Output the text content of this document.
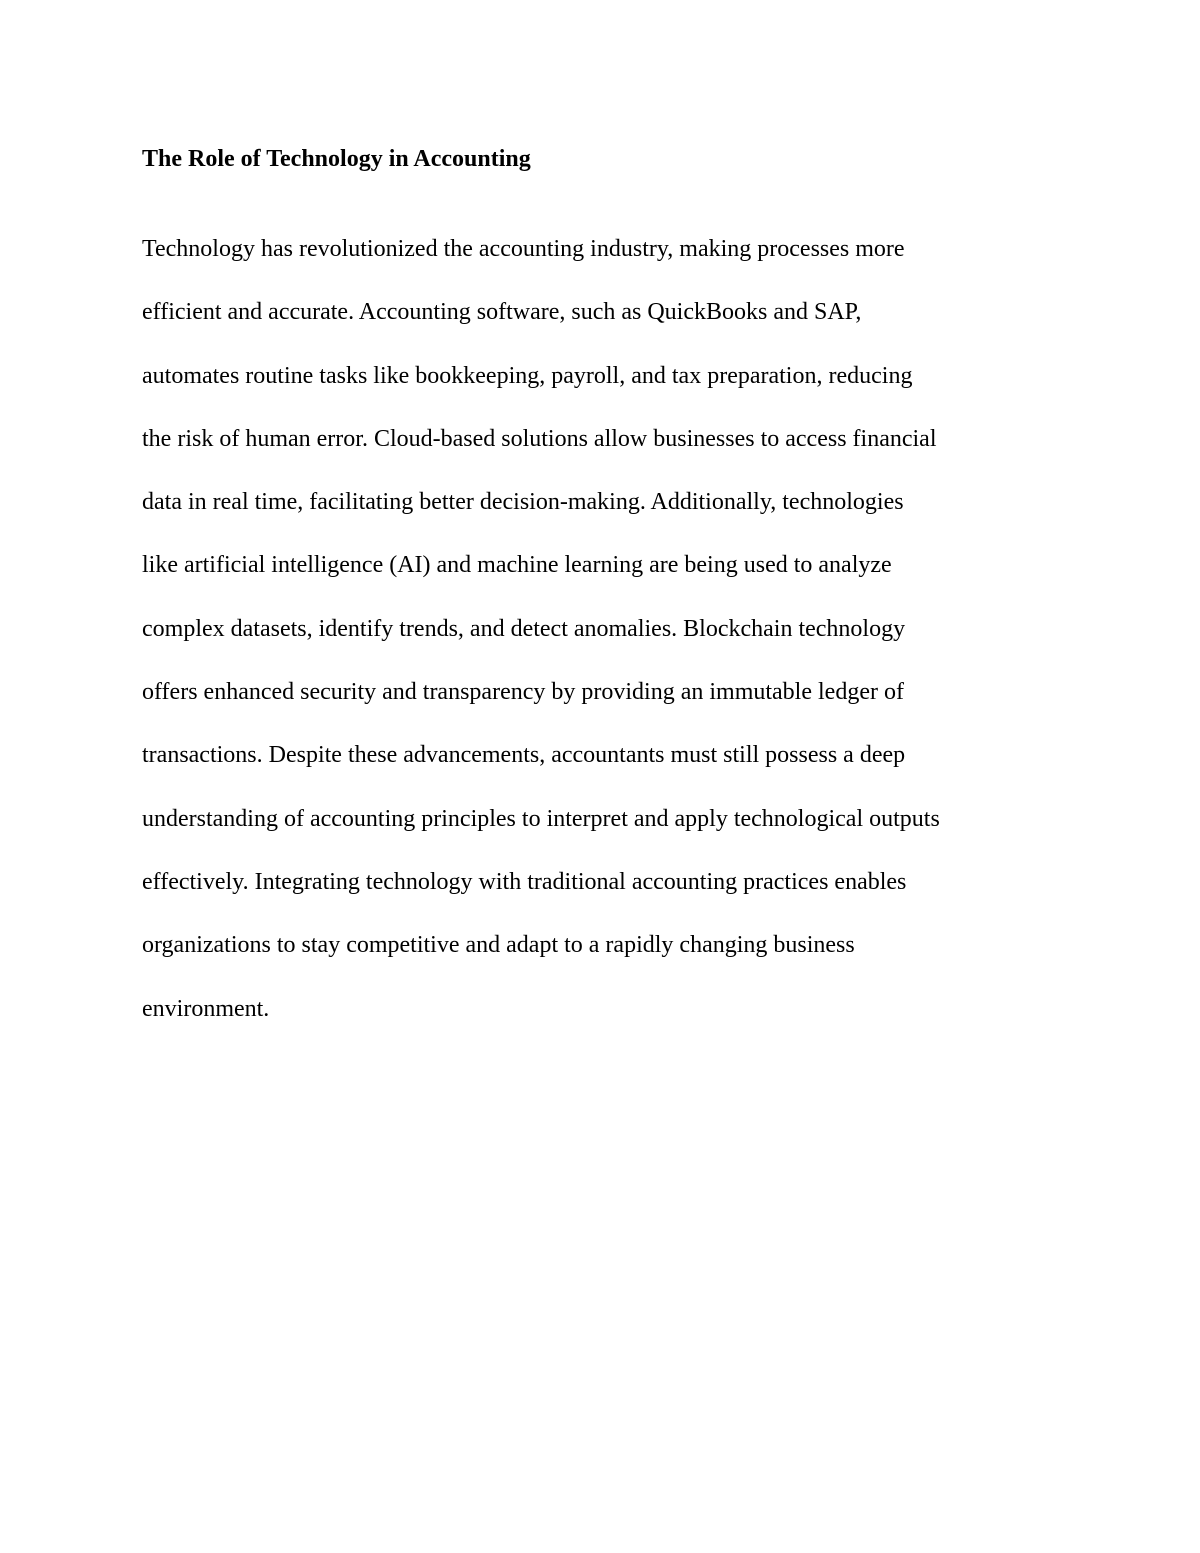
The Role of Technology in Accounting
Technology has revolutionized the accounting industry, making processes more
efficient and accurate. Accounting software, such as QuickBooks and SAP,
automates routine tasks like bookkeeping, payroll, and tax preparation, reducing
the risk of human error. Cloud-based solutions allow businesses to access financial
data in real time, facilitating better decision-making. Additionally, technologies
like artificial intelligence (AI) and machine learning are being used to analyze
complex datasets, identify trends, and detect anomalies. Blockchain technology
offers enhanced security and transparency by providing an immutable ledger of
transactions. Despite these advancements, accountants must still possess a deep
understanding of accounting principles to interpret and apply technological outputs
effectively. Integrating technology with traditional accounting practices enables
organizations to stay competitive and adapt to a rapidly changing business
environment.
